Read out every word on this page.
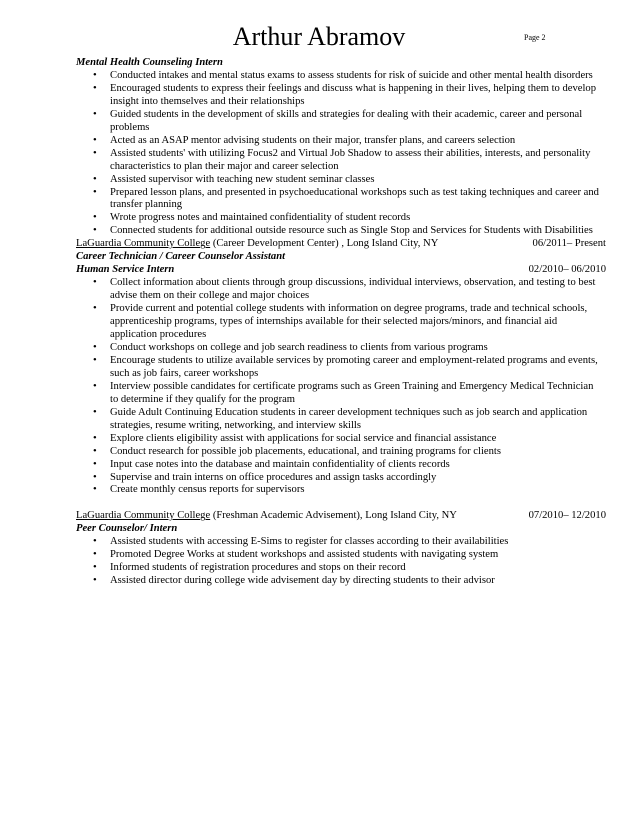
Arthur Abramov	Page 2
Mental Health Counseling Intern
• Conducted intakes and mental status exams to assess students for risk of suicide and other mental health disorders
• Encouraged students to express their feelings and discuss what is happening in their lives, helping them to develop insight into themselves and their relationships
• Guided students in the development of skills and strategies for dealing with their academic, career and personal problems
• Acted as an ASAP mentor advising students on their major, transfer plans, and careers selection
• Assisted students' with utilizing Focus2 and Virtual Job Shadow to assess their abilities, interests, and personality characteristics to plan their major and career selection
• Assisted supervisor with teaching new student seminar classes
• Prepared lesson plans, and presented in psychoeducational workshops such as test taking techniques and career and transfer planning
• Wrote progress notes and maintained confidentiality of student records
• Connected students for additional outside resource such as Single Stop and Services for Students with Disabilities
LaGuardia Community College (Career Development Center) , Long Island City, NY	06/2011– Present
Career Technician / Career Counselor Assistant
Human Service Intern	02/2010– 06/2010
• Collect information about clients through group discussions, individual interviews, observation, and testing to best advise them on their college and major choices
• Provide current and potential college students with information on degree programs, trade and technical schools, apprenticeship programs, types of internships available for their selected majors/minors, and financial aid application procedures
• Conduct workshops on college and job search readiness to clients from various programs
• Encourage students to utilize available services by promoting career and employment-related programs and events, such as job fairs, career workshops
• Interview possible candidates for certificate programs such as Green Training and Emergency Medical Technician to determine if they qualify for the program
• Guide Adult Continuing Education students in career development techniques such as job search and application strategies, resume writing, networking, and interview skills
• Explore clients eligibility assist with applications for social service and financial assistance
• Conduct research for possible job placements, educational, and training programs for clients
• Input case notes into the database and maintain confidentiality of clients records
• Supervise and train interns on office procedures and assign tasks accordingly
• Create monthly census reports for supervisors
LaGuardia Community College (Freshman Academic Advisement), Long Island City, NY	07/2010– 12/2010
Peer Counselor/ Intern
• Assisted students with accessing E-Sims to register for classes according to their availabilities
• Promoted Degree Works at student workshops and assisted students with navigating system
• Informed students of registration procedures and stops on their record
• Assisted director during college wide advisement day by directing students to their advisor
